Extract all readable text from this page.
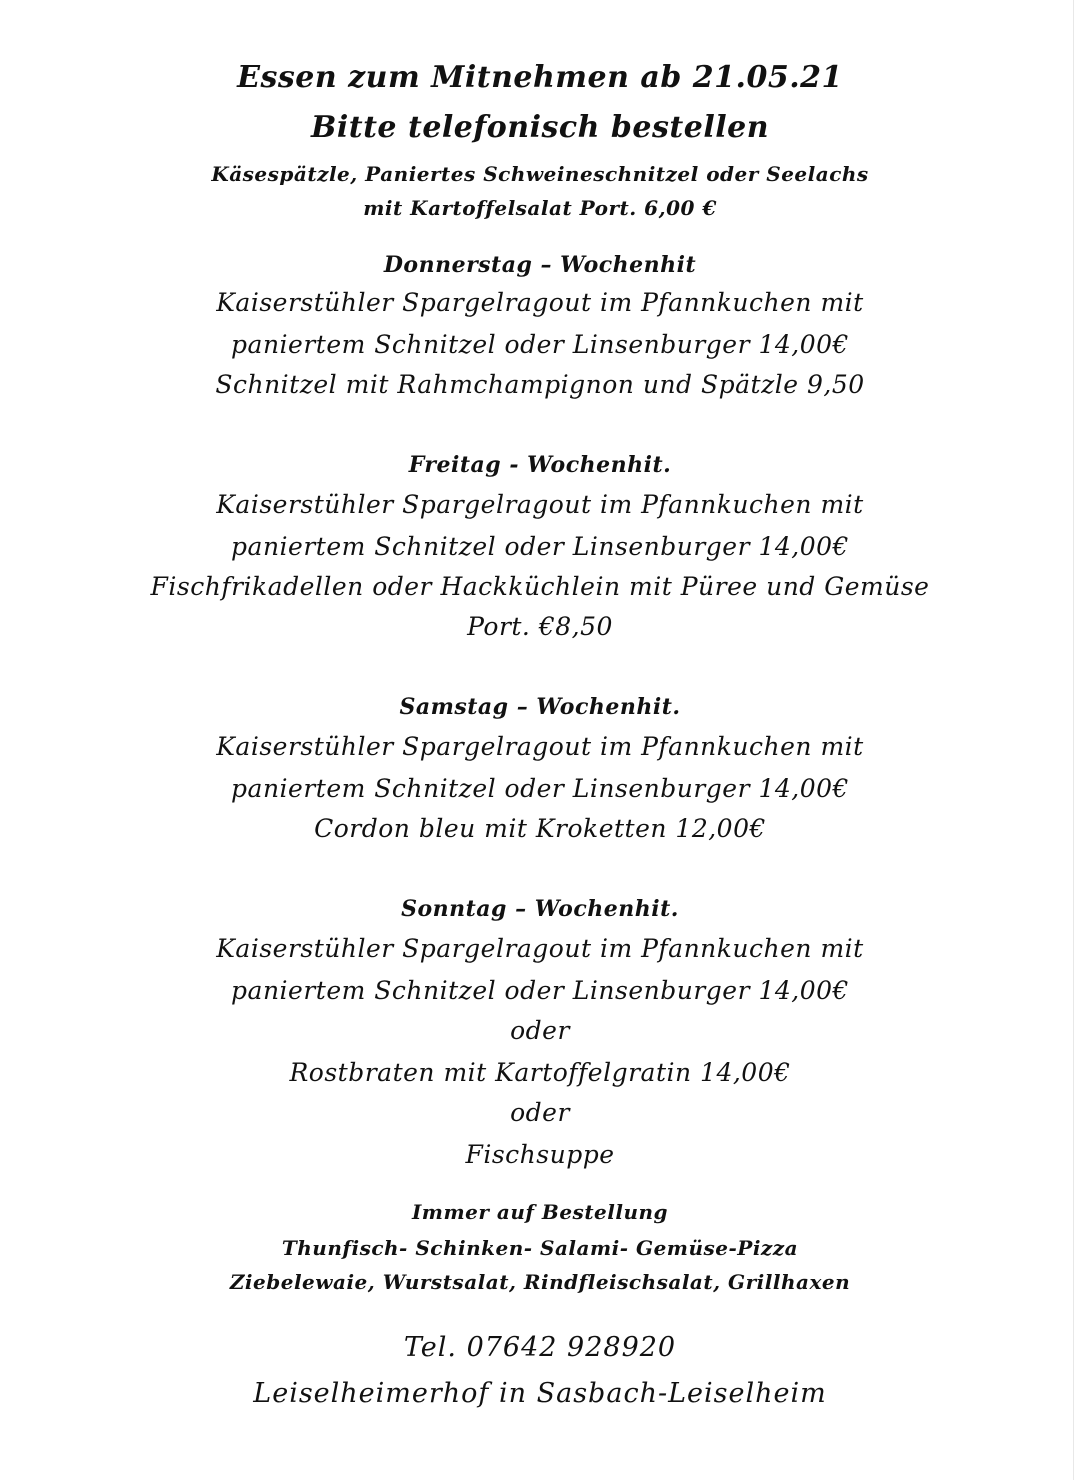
Essen zum Mitnehmen ab 21.05.21
Bitte telefonisch bestellen
Käsespätzle, Paniertes Schweineschnitzel oder Seelachs
mit Kartoffelsalat Port. 6,00 €
Donnerstag – Wochenhit
Kaiserstühler Spargelragout im Pfannkuchen mit
paniertem Schnitzel oder Linsenburger 14,00€
Schnitzel mit Rahmchampignon und Spätzle 9,50
Freitag - Wochenhit.
Kaiserstühler Spargelragout im Pfannkuchen mit
paniertem Schnitzel oder Linsenburger 14,00€
Fischfrikadellen oder Hackküchlein mit Püree und Gemüse
Port. €8,50
Samstag – Wochenhit.
Kaiserstühler Spargelragout im Pfannkuchen mit
paniertem Schnitzel oder Linsenburger 14,00€
Cordon bleu mit Kroketten 12,00€
Sonntag – Wochenhit.
Kaiserstühler Spargelragout im Pfannkuchen mit
paniertem Schnitzel oder Linsenburger 14,00€
oder
Rostbraten mit Kartoffelgratin 14,00€
oder
Fischsuppe
Immer auf Bestellung
Thunfisch- Schinken- Salami- Gemüse-Pizza
Ziebelewaie, Wurstsalat, Rindfleischsalat, Grillhaxen
Tel. 07642 928920
Leiselheimerhof in Sasbach-Leiselheim
